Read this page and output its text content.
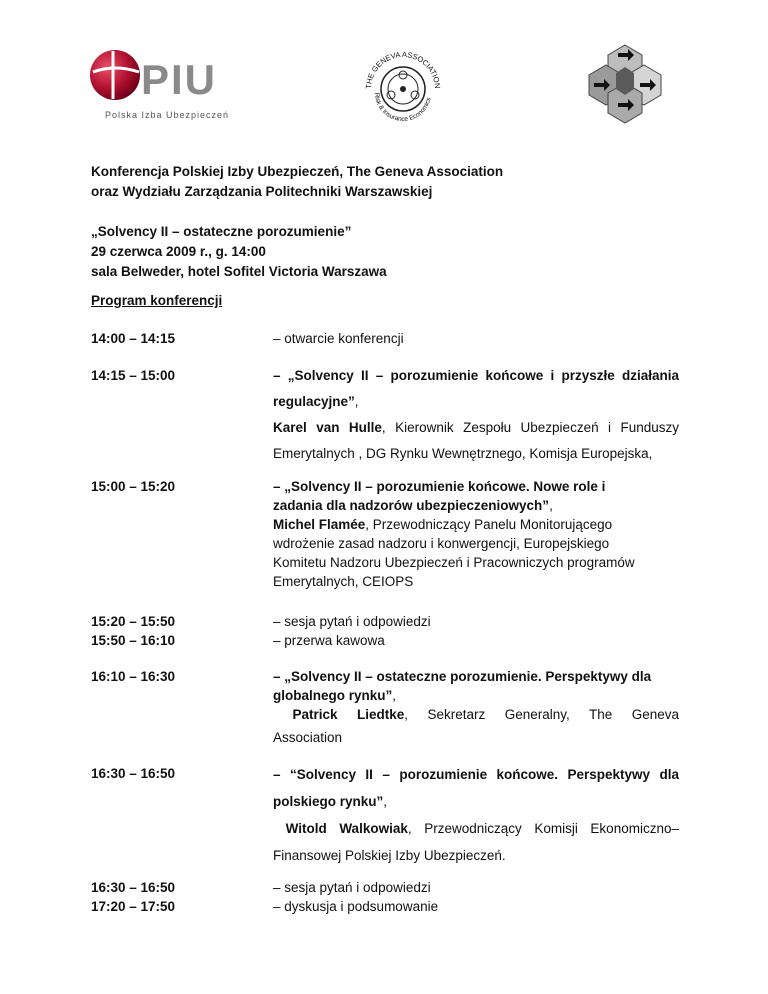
PIU
Polska Izba Ubezpieczeń
THE GENEVA ASSOCIATION
Risk & Insurance Economics
Konferencja Polskiej Izby Ubezpieczeń, The Geneva Association
oraz Wydziału Zarządzania Politechniki Warszawskiej
„Solvency II – ostateczne porozumienie”
29 czerwca 2009 r., g. 14:00
sala Belweder, hotel Sofitel Victoria Warszawa
Program konferencji
14:00 – 14:15	– otwarcie konferencji
14:15 – 15:00	– „Solvency II – porozumienie końcowe i przyszłe działania
regulacyjne”,
Karel van Hulle, Kierownik Zespołu Ubezpieczeń i Funduszy
Emerytalnych , DG Rynku Wewnętrznego, Komisja Europejska,
15:00 – 15:20	– „Solvency II – porozumienie końcowe. Nowe role i
zadania dla nadzorów ubezpieczeniowych”,
Michel Flamée, Przewodniczący Panelu Monitorującego
wdrożenie zasad nadzoru i konwergencji, Europejskiego
Komitetu Nadzoru Ubezpieczeń i Pracowniczych programów
Emerytalnych, CEIOPS
15:20 – 15:50	– sesja pytań i odpowiedzi
15:50 – 16:10	– przerwa kawowa
16:10 – 16:30	– „Solvency II – ostateczne porozumienie. Perspektywy dla
globalnego rynku”,
Patrick Liedtke, Sekretarz Generalny, The Geneva
Association
16:30 – 16:50	– “Solvency II – porozumienie końcowe. Perspektywy dla
polskiego rynku”,
Witold Walkowiak, Przewodniczący Komisji Ekonomiczno–
Finansowej Polskiej Izby Ubezpieczeń.
16:30 – 16:50	– sesja pytań i odpowiedzi
17:20 – 17:50	– dyskusja i podsumowanie
